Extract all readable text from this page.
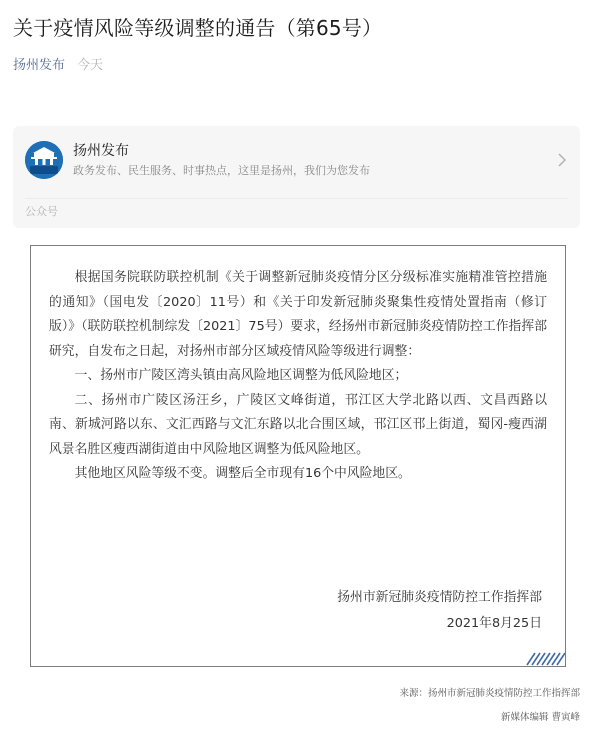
关于疫情风险等级调整的通告（第65号）
扬州发布 今天
扬州发布
政务发布、民生服务、时事热点，这里是扬州，我们为您发布
公众号

根据国务院联防联控机制《关于调整新冠肺炎疫情分区分级标准实施精准管控措施的通知》（国电发〔2020〕11号）和《关于印发新冠肺炎聚集性疫情处置指南（修订版）》（联防联控机制综发〔2021〕75号）要求，经扬州市新冠肺炎疫情防控工作指挥部研究，自发布之日起，对扬州市部分区域疫情风险等级进行调整：

一、扬州市广陵区湾头镇由高风险地区调整为低风险地区；

二、扬州市广陵区汤汪乡，广陵区文峰街道，邗江区大学北路以西、文昌西路以南、新城河路以东、文汇西路与文汇东路以北合围区域，邗江区邗上街道，蜀冈-瘦西湖风景名胜区瘦西湖街道由中风险地区调整为低风险地区。

其他地区风险等级不变。调整后全市现有16个中风险地区。

扬州市新冠肺炎疫情防控工作指挥部
2021年8月25日
来源：扬州市新冠肺炎疫情防控工作指挥部
新媒体编辑 曹寅峰
